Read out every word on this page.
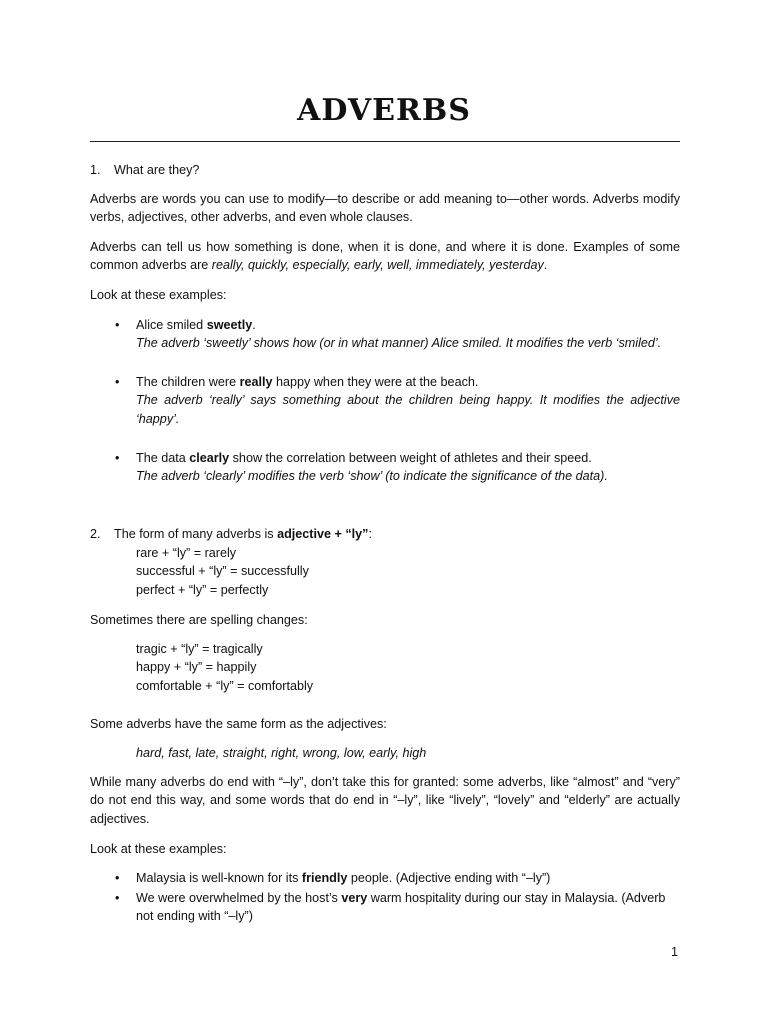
ADVERBS
1. What are they?
Adverbs are words you can use to modify—to describe or add meaning to—other words. Adverbs modify verbs, adjectives, other adverbs, and even whole clauses.
Adverbs can tell us how something is done, when it is done, and where it is done. Examples of some common adverbs are really, quickly, especially, early, well, immediately, yesterday.
Look at these examples:
• Alice smiled sweetly.

The adverb ‘sweetly’ shows how (or in what manner) Alice smiled. It modifies the verb ‘smiled’.

• The children were really happy when they were at the beach.

The adverb ‘really’ says something about the children being happy. It modifies the adjective ‘happy’.

• The data clearly show the correlation between weight of athletes and their speed.

The adverb ‘clearly’ modifies the verb ‘show’ (to indicate the significance of the data).

2. The form of many adverbs is adjective + “ly”:

rare + “ly” = rarely

successful + “ly” = successfully

perfect + “ly” = perfectly

Sometimes there are spelling changes:

tragic + “ly” = tragically

happy + “ly” = happily

comfortable + “ly” = comfortably

Some adverbs have the same form as the adjectives:
hard, fast, late, straight, right, wrong, low, early, high
While many adverbs do end with “–ly”, don’t take this for granted: some adverbs, like “almost” and “very” do not end this way, and some words that do end in “–ly”, like “lively”, “lovely” and “elderly” are actually adjectives.
Look at these examples:
• Malaysia is well-known for its friendly people. (Adjective ending with “–ly”)

• We were overwhelmed by the host’s very warm hospitality during our stay in Malaysia. (Adverb not ending with “–ly”)

1
